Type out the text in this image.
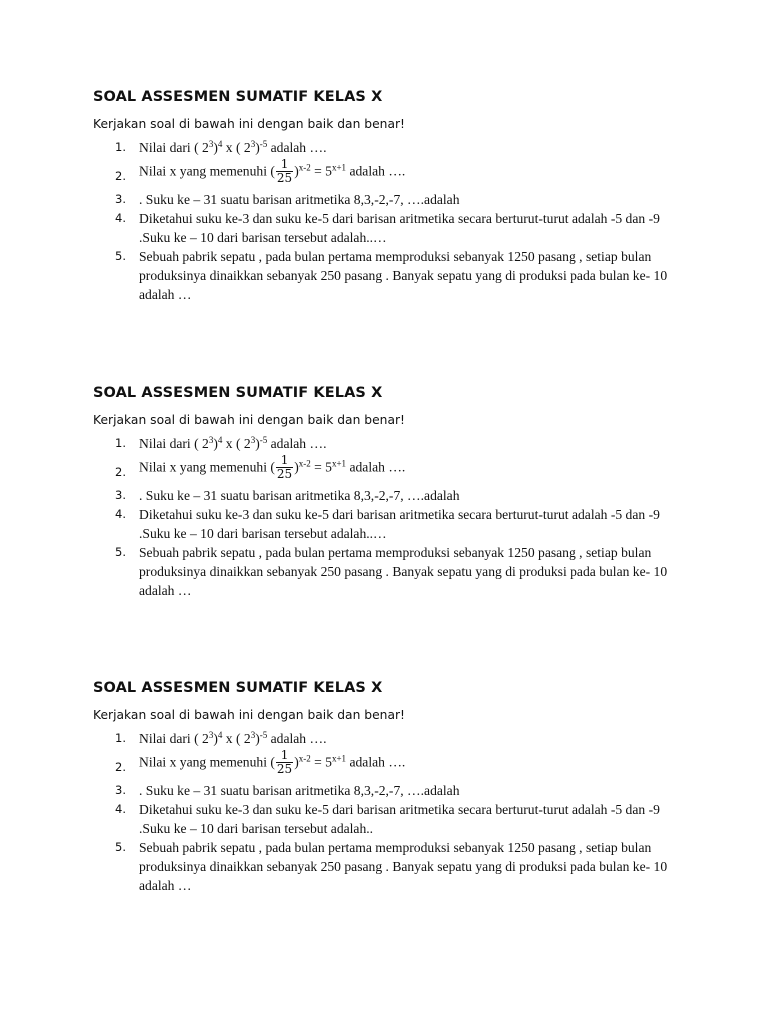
SOAL ASSESMEN SUMATIF KELAS X

Kerjakan soal di bawah ini dengan baik dan benar!

1. Nilai dari ( $2^3)^4$ x ( $2^3)^{-5}$ adalah ….
2. Nilai x yang memenuhi ( $\frac{1}{25} )^{x-2} = 5^{x+1}$ adalah ….
3. . Suku ke – 31 suatu barisan aritmetika 8,3,-2,-7, ….adalah
4. Diketahui suku ke-3 dan suku ke-5 dari barisan aritmetika secara berturut-turut adalah -5 dan -9 .Suku ke – 10 dari barisan tersebut adalah..…
5. Sebuah pabrik sepatu , pada bulan pertama memproduksi sebanyak 1250 pasang , setiap bulan produksinya dinaikkan sebanyak 250 pasang . Banyak sepatu yang di produksi pada bulan ke- 10 adalah …
SOAL ASSESMEN SUMATIF KELAS X

Kerjakan soal di bawah ini dengan baik dan benar!

1. Nilai dari ( $2^3)^4$ x ( $2^3)^{-5}$ adalah ….
2. Nilai x yang memenuhi ( $\frac{1}{25} )^{x-2} = 5^{x+1}$ adalah ….
3. . Suku ke – 31 suatu barisan aritmetika 8,3,-2,-7, ….adalah
4. Diketahui suku ke-3 dan suku ke-5 dari barisan aritmetika secara berturut-turut adalah -5 dan -9 .Suku ke – 10 dari barisan tersebut adalah..…
5. Sebuah pabrik sepatu , pada bulan pertama memproduksi sebanyak 1250 pasang , setiap bulan produksinya dinaikkan sebanyak 250 pasang . Banyak sepatu yang di produksi pada bulan ke- 10 adalah …
SOAL ASSESMEN SUMATIF KELAS X

Kerjakan soal di bawah ini dengan baik dan benar!

1. Nilai dari ( $2^3)^4$ x ( $2^3)^{-5}$ adalah ….
2. Nilai x yang memenuhi ( $\frac{1}{25} )^{x-2} = 5^{x+1}$ adalah ….
3. . Suku ke – 31 suatu barisan aritmetika 8,3,-2,-7, ….adalah
4. Diketahui suku ke-3 dan suku ke-5 dari barisan aritmetika secara berturut-turut adalah -5 dan -9 .Suku ke – 10 dari barisan tersebut adalah..
5. Sebuah pabrik sepatu , pada bulan pertama memproduksi sebanyak 1250 pasang , setiap bulan produksinya dinaikkan sebanyak 250 pasang . Banyak sepatu yang di produksi pada bulan ke- 10 adalah …
